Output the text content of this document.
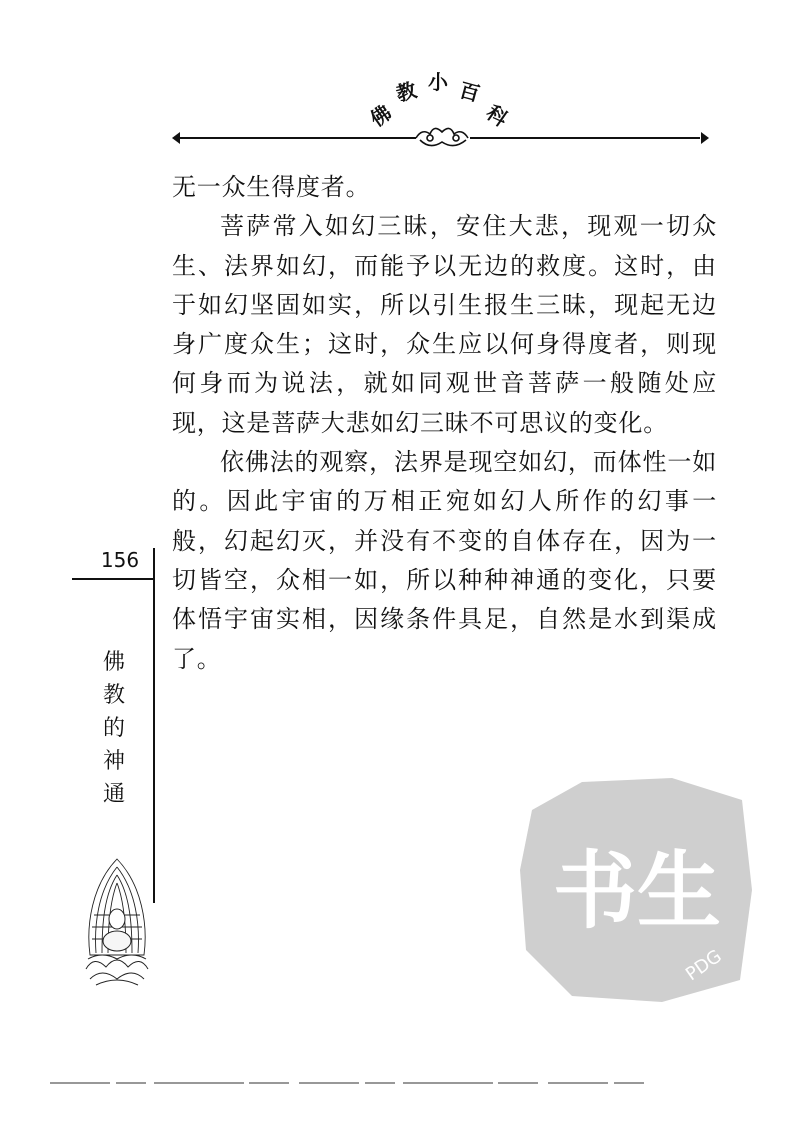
佛
教 小 百
科

无一众生得度者。

菩萨常入如幻三昧，安住大悲，现观一切众生、法界如幻，而能予以无边的救度。这时，由于如幻坚固如实，所以引生报生三昧，现起无边身广度众生；这时，众生应以何身得度者，则现何身而为说法，就如同观世音菩萨一般随处应现，这是菩萨大悲如幻三昧不可思议的变化。

依佛法的观察，法界是现空如幻，而体性一如的。因此宇宙的万相正宛如幻人所作的幻事一般，幻起幻灭，并没有不变的自体存在，因为一切皆空，众相一如，所以种种神通的变化，只要体悟宇宙实相，因缘条件具足，自然是水到渠成了。

156
佛
教
的
神
通
书生
PDG
